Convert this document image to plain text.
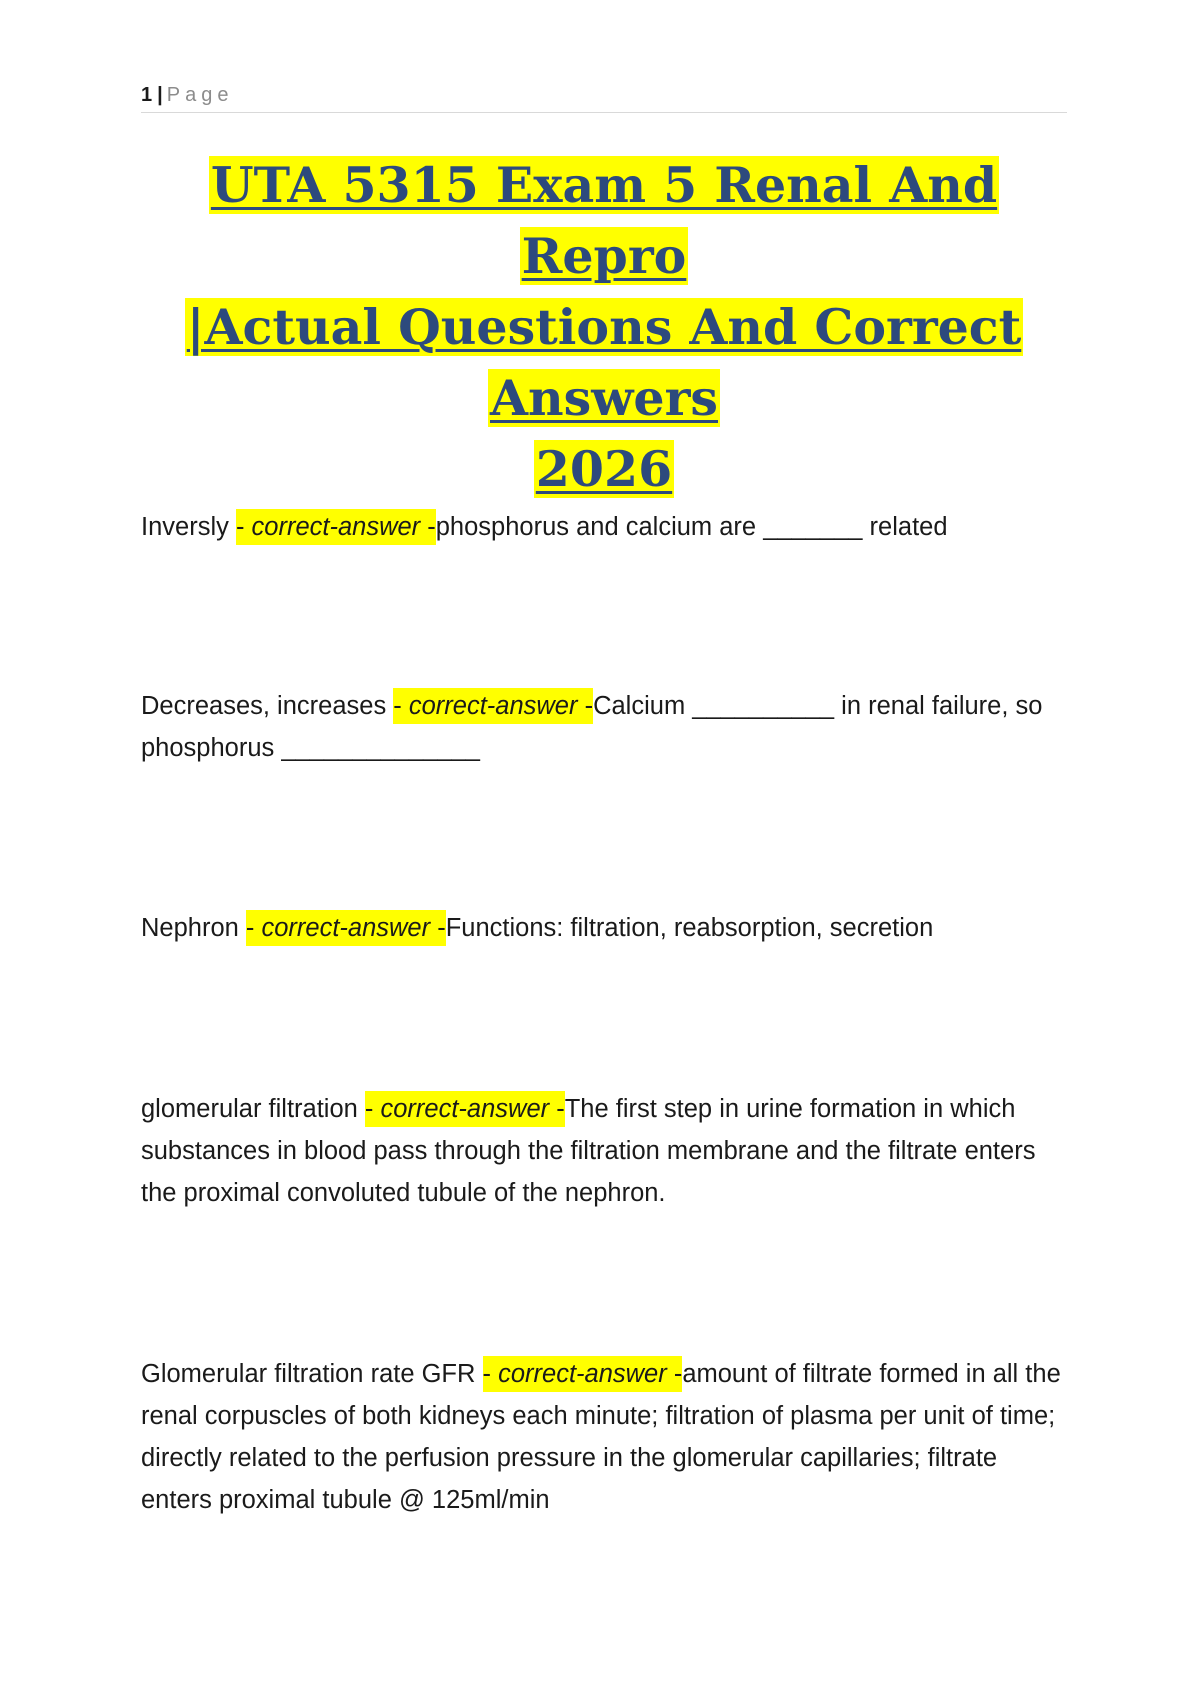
1 | Page
UTA 5315 Exam 5 Renal And Repro
|Actual Questions And Correct Answers
2026

Inversly - correct-answer -phosphorus and calcium are _______ related

Decreases, increases - correct-answer -Calcium __________ in renal failure, so phosphorus ______________

Nephron - correct-answer -Functions: filtration, reabsorption, secretion

glomerular filtration - correct-answer -The first step in urine formation in which substances in blood pass through the filtration membrane and the filtrate enters the proximal convoluted tubule of the nephron.

Glomerular filtration rate GFR - correct-answer -amount of filtrate formed in all the renal corpuscles of both kidneys each minute; filtration of plasma per unit of time; directly related to the perfusion pressure in the glomerular capillaries; filtrate enters proximal tubule @ 125ml/min
